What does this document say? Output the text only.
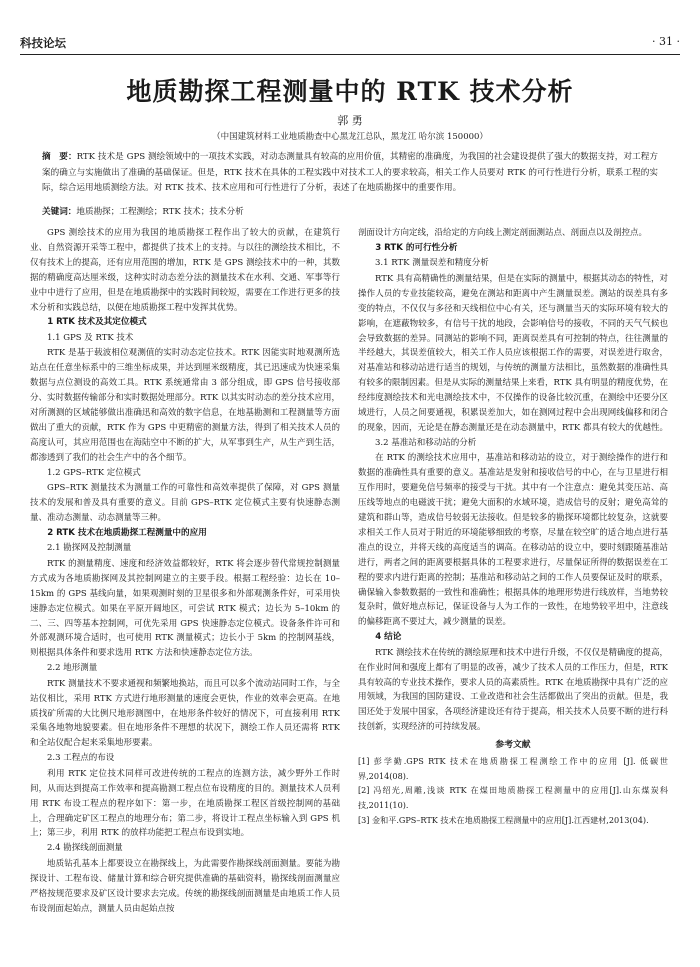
科技论坛	· 31 ·
地质勘探工程测量中的 RTK 技术分析
郭 勇
（中国建筑材料工业地质勘查中心黑龙江总队，黑龙江 哈尔滨 150000）
摘　要：RTK 技术是 GPS 测绘领域中的一项技术实践，对动态测量具有较高的应用价值，其精密的准确度，为我国的社会建设提供了强大的数据支持，对工程方案的确立与实施做出了准确的基础保证。但是，RTK 技术在具体的工程实践中对技术工人的要求较高，相关工作人员要对 RTK 的可行性进行分析，联系工程的实际，综合运用地质测绘方法。对 RTK 技术、技术应用和可行性进行了分析，表述了在地质勘探中的重要作用。
关键词：地质勘探；工程测绘；RTK 技术；技术分析

GPS 测绘技术的应用为我国的地质勘探工程作出了较大的贡献，在建筑行业、自然资源开采等工程中，都提供了技术上的支持。与以往的测绘技术相比，不仅有技术上的提高，还有应用范围的增加，RTK 是 GPS 测绘技术中的一种，其数据的精确度高达厘米级，这种实时动态差分法的测量技术在水利、交通、军事等行业中中进行了应用，但是在地质勘探中的实践时间较短，需要在工作进行更多的技术分析和实践总结，以便在地质勘探工程中发挥其优势。

1 RTK 技术及其定位模式
1.1 GPS 及 RTK 技术

RTK 是基于载波相位观测值的实时动态定位技术。RTK 因能实时地观测所选站点在任意坐标系中的三维坐标成果，并达到厘米级精度，其已迅速成为快速采集数据与点位测设的高效工具。RTK 系统通常由 3 部分组成，即 GPS 信号接收部分、实时数据传输部分和实时数据处理部分。RTK 以其实时动态的差分技术应用，对所测测的区域能够做出准确迅和高效的数字信息，在地基勘测和工程测量等方面做出了重大的贡献，RTK 作为 GPS 中更精密的测量方法，得到了相关技术人员的高度认可，其应用范围也在海陆空中不断的扩大，从军事到生产，从生产到生活，都渗透到了我们的社会生产中的各个细节。

1.2 GPS–RTK 定位模式

GPS–RTK 测量技术为测量工作的可靠性和高效率提供了保障，对 GPS 测量技术的发展和普及具有重要的意义。目前 GPS–RTK 定位模式主要有快速静态测量、准动态测量、动态测量等三种。

2 RTK 技术在地质勘探工程测量中的应用
2.1 勘探网及控制测量

RTK 的测量精度、速度和经济效益都较好，RTK 将会逐步替代常规控制测量方式成为各地质勘探网及其控制网建立的主要手段。根据工程经验：边长在 10–15km 的 GPS 基线向量，如果观测时刻的卫星很多和外部观测条件好，可采用快速静态定位模式。如果在平原开阔地区，可尝试 RTK 模式；边长为 5–10km 的二、三、四等基本控制网，可优先采用 GPS 快速静态定位模式。设备条件许可和外部观测环境合适时，也可使用 RTK 测量模式；边长小于 5km 的控制网基线，则根据具体条件和要求选用 RTK 方法和快速静态定位方法。

2.2 地形测量

RTK 测量技术不要求通视和频繁地换站，而且可以多个流动站同时工作，与全站仪相比，采用 RTK 方式进行地形测量的速度会更快，作业的效率会更高。在地质找矿所需的大比例尺地形测图中，在地形条件较好的情况下，可直接利用 RTK 采集各地物地貌要素。但在地形条件不理想的状况下，测绘工作人员还需将 RTK 和全站仪配合起来采集地形要素。

2.3 工程点的布设

利用 RTK 定位技术同样可改进传统的工程点的连测方法，减少野外工作时间，从而达到提高工作效率和提高勘测工程点位布设精度的目的。测量技术人员利用 RTK 布设工程点的程序如下：第一步，在地质勘探工程区首级控制网的基础上，合理确定矿区工程点的地理分布；第二步，将设计工程点坐标输入到 GPS 机上；第三步，利用 RTK 的放样功能把工程点布设到实地。

2.4 勘探线剖面测量

地质钻孔基本上都要设立在勘探线上，为此需要作勘探线剖面测量。要能为勘探设计、工程布设、储量计算和综合研究提供准确的基础资料，勘探线剖面测量应严格按规范要求及矿区设计要求去完成。传统的勘探线剖面测量是由地质工作人员布设剖面起始点，测量人员由起始点按

剖面设计方向定线，沿给定的方向线上测定剖面测站点、剖面点以及剖控点。

3 RTK 的可行性分析
3.1 RTK 测量误差和精度分析

RTK 具有高精确性的测量结果，但是在实际的测量中，根据其动态的特性，对操作人员的专业技能较高，避免在测站和距离中产生测量误差。测站的误差具有多变的特点，不仅仅与多径和天线相位中心有关，还与测量当天的实际环境有较大的影响，在遮蔽物较多，有信号干扰的地段，会影响信号的接收，不同的天气气候也会导致数据的差异。同测站的影响不同，距离误差具有可控制的特点，往往测量的半经越大，其误差值较大，相关工作人员应该根据工作的需要，对误差进行取舍，对基准站和移动站进行适当的规划，与传统的测量方法相比，虽然数据的准确性具有较多的限制因素。但是从实际的测量结果上来看，RTK 具有明显的精度优势，在经纬度测绘技术和光电测绘技术中，不仅操作的设备比较沉重，在测绘中还要分区域进行，人员之间要通视，积累误差加大，如在测网过程中会出现网线偏移和闭合的现象，因而，无论是在静态测量还是在动态测量中，RTK 都具有较大的优越性。

3.2 基准站和移动站的分析

在 RTK 的测绘技术应用中，基准站和移动站的设立，对于测绘操作的进行和数据的准确性具有重要的意义。基准站是发射和接收信号的中心，在与卫星进行相互作用时，要避免信号频率的接受与干扰。其中有一个注意点：避免其变压站、高压线等地点的电磁波干扰；避免大面积的水域环境，造成信号的反射；避免高耸的建筑和群山等，造成信号较弱无法接收。但是较多的勘探环境都比较复杂，这就要求相关工作人员对于附近的环境能够细致的考察，尽量在较空旷的适合地点进行基准点的设立，并将天线的高度适当的调高。在移动站的设立中，要时刻跟随基准站进行，两者之间的距离要根据具体的工程要求进行，尽量保证所得的数据误差在工程的要求内进行距离的控制；基准站和移动站之间的工作人员要保证及时的联系，确保输入参数数据的一致性和准确性；根据具体的地理形势进行线放样，当地势较复杂时，做好地点标记，保证设备与人为工作的一致性，在地势较平坦中，注意线的偏移距离不要过大，减少测量的误差。

4 结论

RTK 测绘技术在传统的测绘原理和技术中进行升级，不仅仅是精确度的提高，在作业时间和强度上都有了明显的改善，减少了技术人员的工作压力，但是，RTK 具有较高的专业技术操作，要求人员的高素质性。RTK 在地质勘探中具有广泛的应用领域，为我国的国防建设、工业改造和社会生活都做出了突出的贡献。但是，我国还处于发展中国家，各项经济建设还有待于提高，相关技术人员要不断的进行科技创新，实现经济的可持续发展。

参考文献
[1] 彭学勤.GPS RTK 技术在地质勘探工程测绘工作中的应用 [J]. 低碳世界,2014(08).
[2] 冯绍光,周雕,浅谈 RTK 在煤田地质勘探工程测量中的应用[J].山东煤炭科技,2011(10).
[3] 金和平.GPS–RTK 技术在地质勘探工程测量中的应用[J].江西建材,2013(04).
